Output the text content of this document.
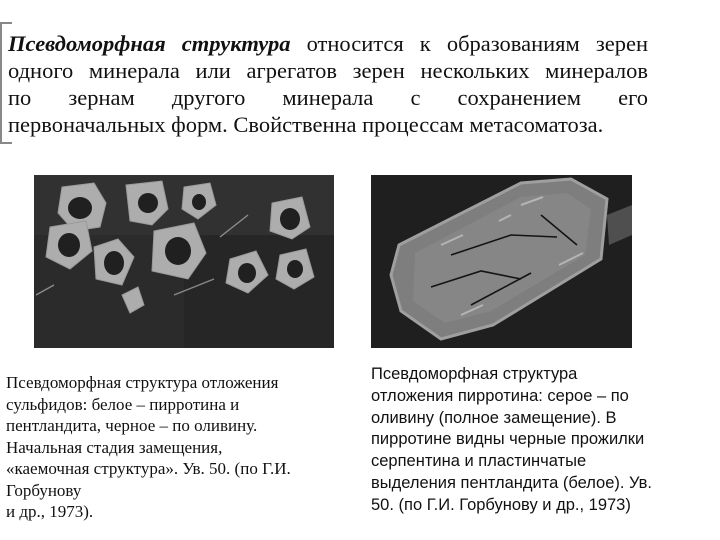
Псевдоморфная структура относится к образованиям зерен
одного минерала или агрегатов зерен нескольких минералов
по зернам другого минерала с сохранением его
первоначальных форм. Свойственна процессам метасоматоза.
Псевдоморфная структура отложения
сульфидов: белое – пирротина и
пентландита, черное – по оливину.
Начальная стадия замещения,
«каемочная структура». Ув. 50. (по Г.И.
Горбунову
и др., 1973).
Псевдоморфная структура
отложения пирротина: серое – по
оливину (полное замещение). В
пирротине видны черные прожилки
серпентина и пластинчатые
выделения пентландита (белое). Ув.
50. (по Г.И. Горбунову и др., 1973)
